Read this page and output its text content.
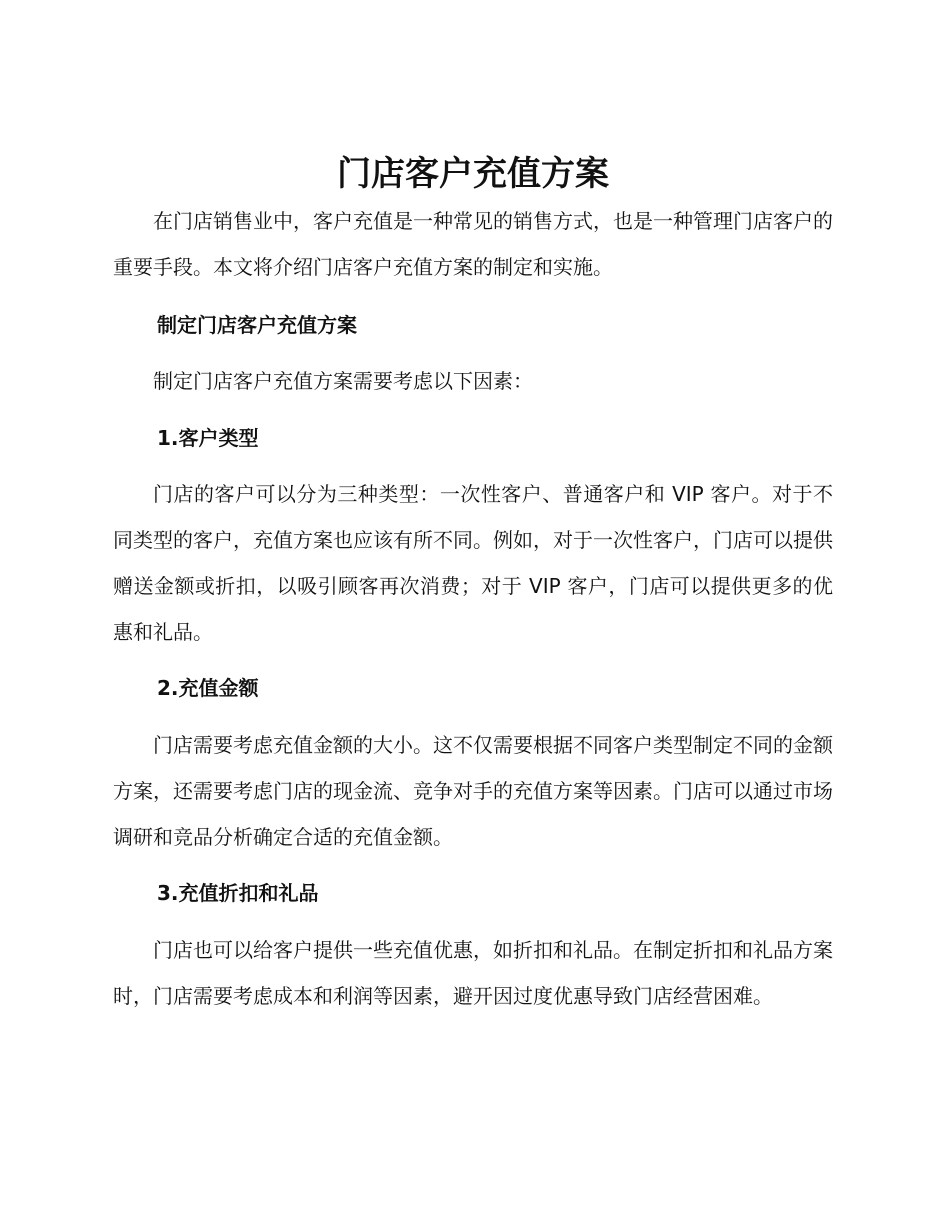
门店客户充值方案

在门店销售业中，客户充值是一种常见的销售方式，也是一种管理门店客户的重要手段。本文将介绍门店客户充值方案的制定和实施。

制定门店客户充值方案

制定门店客户充值方案需要考虑以下因素：

1.客户类型

门店的客户可以分为三种类型：一次性客户、普通客户和 VIP 客户。对于不同类型的客户，充值方案也应该有所不同。例如，对于一次性客户，门店可以提供赠送金额或折扣，以吸引顾客再次消费；对于 VIP 客户，门店可以提供更多的优惠和礼品。

2.充值金额

门店需要考虑充值金额的大小。这不仅需要根据不同客户类型制定不同的金额方案，还需要考虑门店的现金流、竞争对手的充值方案等因素。门店可以通过市场调研和竞品分析确定合适的充值金额。

3.充值折扣和礼品

门店也可以给客户提供一些充值优惠，如折扣和礼品。在制定折扣和礼品方案时，门店需要考虑成本和利润等因素，避开因过度优惠导致门店经营困难。
